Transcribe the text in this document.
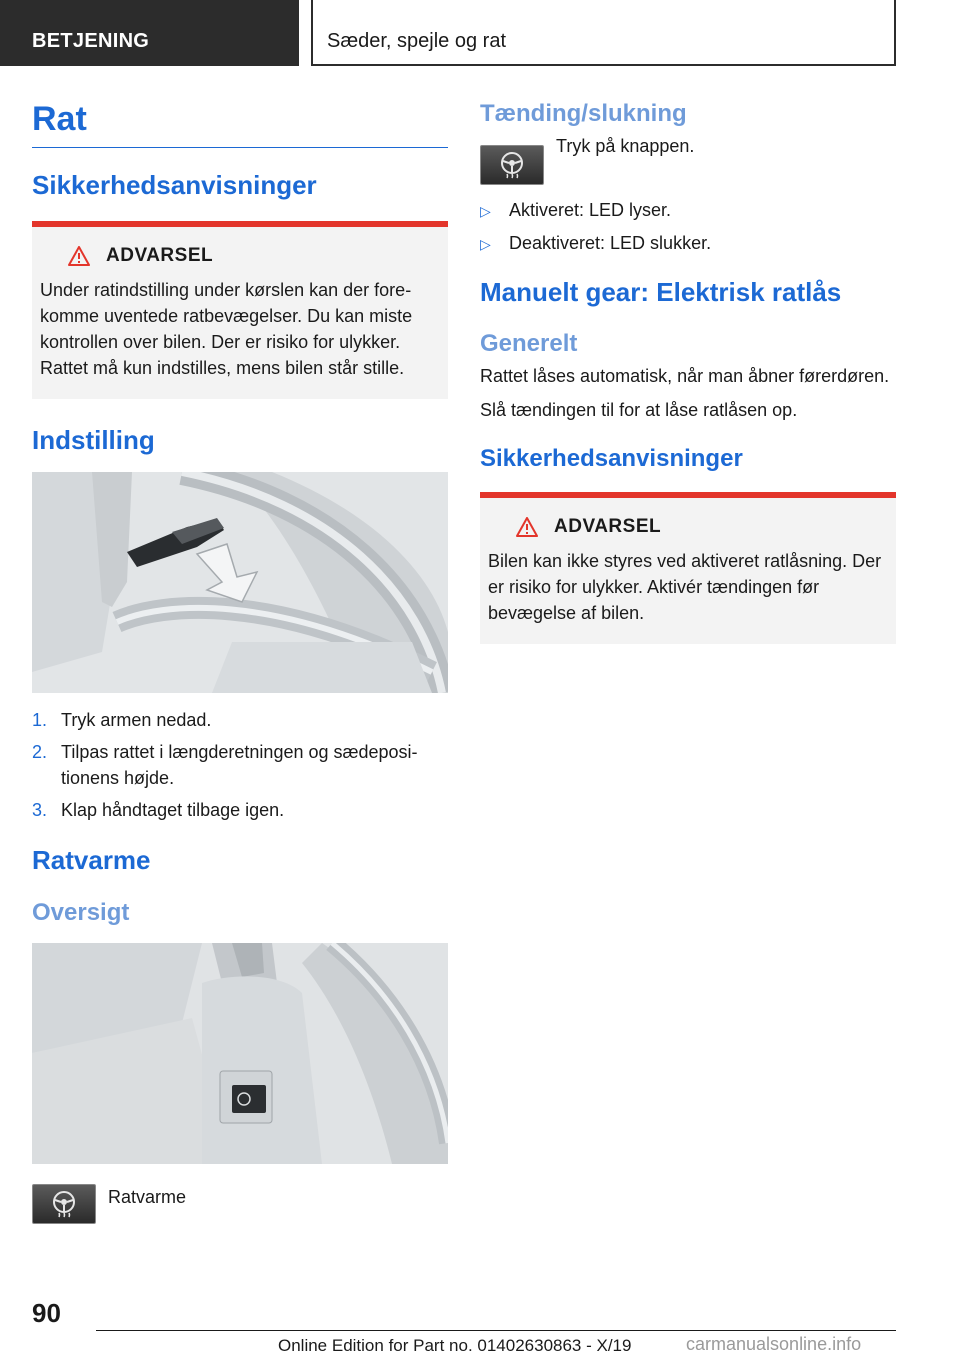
BETJENING	Sæder, spejle og rat
Rat
Sikkerhedsanvisninger
ADVARSEL
Under ratindstilling under kørslen kan der forekomme uventede ratbevægelser. Du kan miste kontrollen over bilen. Der er risiko for ulykker. Rattet må kun indstilles, mens bilen står stille.
Indstilling
1. Tryk armen nedad.
2. Tilpas rattet i længderetningen og sædepositionens højde.
3. Klap håndtaget tilbage igen.
Ratvarme
Oversigt
Ratvarme
Tænding/slukning
Tryk på knappen.
▷	Aktiveret: LED lyser.
▷	Deaktiveret: LED slukker.
Manuelt gear: Elektrisk ratlås
Generelt

Rattet låses automatisk, når man åbner førerdøren.

Slå tændingen til for at låse ratlåsen op.

Sikkerhedsanvisninger
ADVARSEL
Bilen kan ikke styres ved aktiveret ratlåsning. Der er risiko for ulykker. Aktivér tændingen før bevægelse af bilen.
90
Online Edition for Part no. 01402630863 - X/19	carmanualsonline.info
